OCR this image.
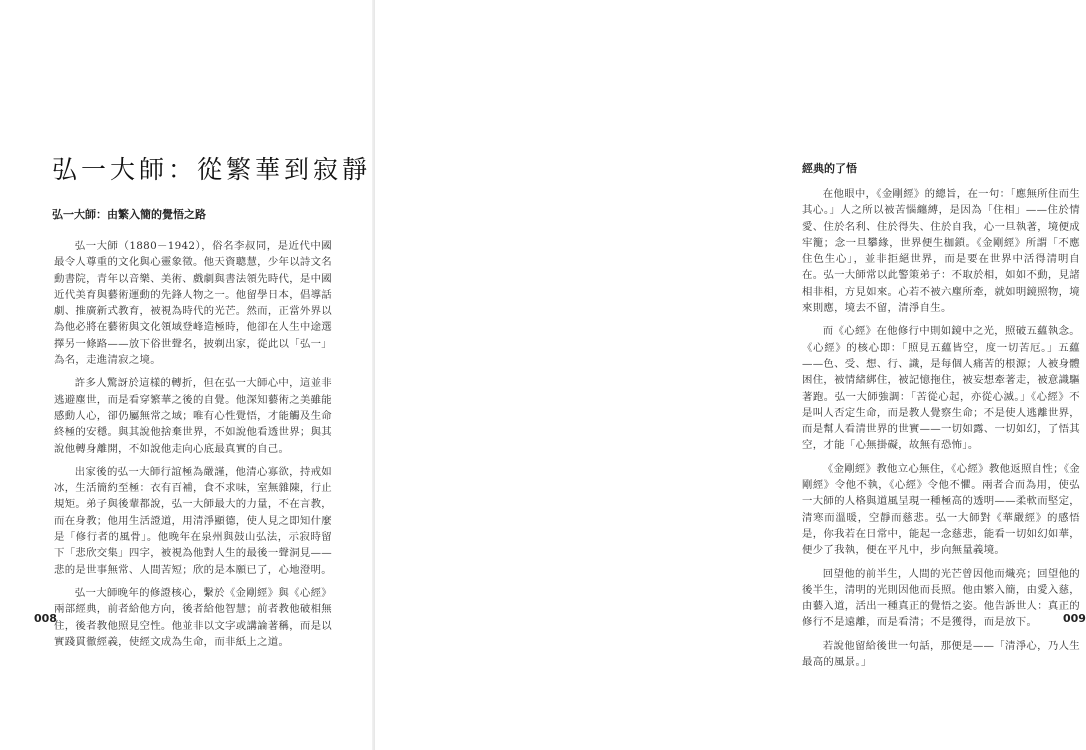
弘一大師：從繁華到寂靜
弘一大師：由繁入簡的覺悟之路

弘一大師（1880－1942），俗名李叔同，是近代中國最令人尊重的文化與心靈象徵。他天資聰慧，少年以詩文名動書院，青年以音樂、美術、戲劇與書法領先時代，是中國近代美育與藝術運動的先鋒人物之一。他留學日本，倡導話劇、推廣新式教育，被視為時代的光芒。然而，正當外界以為他必將在藝術與文化領域登峰造極時，他卻在人生中途選擇另一條路——放下俗世聲名，披剃出家，從此以「弘一」為名，走進清寂之境。

許多人驚訝於這樣的轉折，但在弘一大師心中，這並非逃避塵世，而是看穿繁華之後的自覺。他深知藝術之美雖能感動人心，卻仍屬無常之域；唯有心性覺悟，才能觸及生命終極的安穩。與其說他捨棄世界，不如說他看透世界；與其說他轉身離開，不如說他走向心底最真實的自己。

出家後的弘一大師行誼極為嚴謹，他清心寡欲，持戒如冰，生活簡約至極：衣有百補，食不求味，室無雜陳，行止規矩。弟子與後輩都說，弘一大師最大的力量，不在言教，而在身教；他用生活證道，用清淨顯德，使人見之即知什麼是「修行者的風骨」。他晚年在泉州與鼓山弘法，示寂時留下「悲欣交集」四字，被視為他對人生的最後一聲洞見——悲的是世事無常、人間苦短；欣的是本願已了，心地澄明。

弘一大師晚年的修證核心，繫於《金剛經》與《心經》兩部經典，前者給他方向，後者給他智慧；前者教他破相無住，後者教他照見空性。他並非以文字或講論著稱，而是以實踐貫徹經義，使經文成為生命，而非紙上之道。

008
經典的了悟

在他眼中，《金剛經》的總旨，在一句：「應無所住而生其心。」人之所以被苦惱纏縛，是因為「住相」——住於情愛、住於名利、住於得失、住於自我，心一旦執著，境便成牢籠；念一旦攀緣，世界便生枷鎖。《金剛經》所謂「不應住色生心」，並非拒絕世界，而是要在世界中活得清明自在。弘一大師常以此警策弟子：不取於相，如如不動，見諸相非相，方見如來。心若不被六塵所牽，就如明鏡照物，境來則應，境去不留，清淨自生。

而《心經》在他修行中則如鏡中之光，照破五蘊執念。《心經》的核心即：「照見五蘊皆空，度一切苦厄。」五蘊——色、受、想、行、識，是每個人痛苦的根源；人被身體困住，被情緒綁住，被記憶拖住，被妄想牽著走，被意識驅著跑。弘一大師強調：「苦從心起，亦從心滅。」《心經》不是叫人否定生命，而是教人覺察生命；不是使人逃離世界，而是幫人看清世界的世實——一切如露、一切如幻，了悟其空，才能「心無掛礙，故無有恐怖」。

《金剛經》教他立心無住，《心經》教他返照自性；《金剛經》令他不執，《心經》令他不懼。兩者合而為用，使弘一大師的人格與道風呈現一種極高的透明——柔軟而堅定，清寒而溫暖，空靜而慈悲。弘一大師對《華嚴經》的感悟是，你我若在日常中，能起一念慈悲，能看一切如幻如華，便少了我執，便在平凡中，步向無量義境。

回望他的前半生，人間的光芒曾因他而熾亮；回望他的後半生，清明的光則因他而長照。他由繁入簡，由愛入慈，由藝入道，活出一種真正的覺悟之姿。他告訴世人：真正的修行不是遠離，而是看清；不是獲得，而是放下。

若說他留給後世一句話，那便是——「清淨心，乃人生最高的風景。」

009
